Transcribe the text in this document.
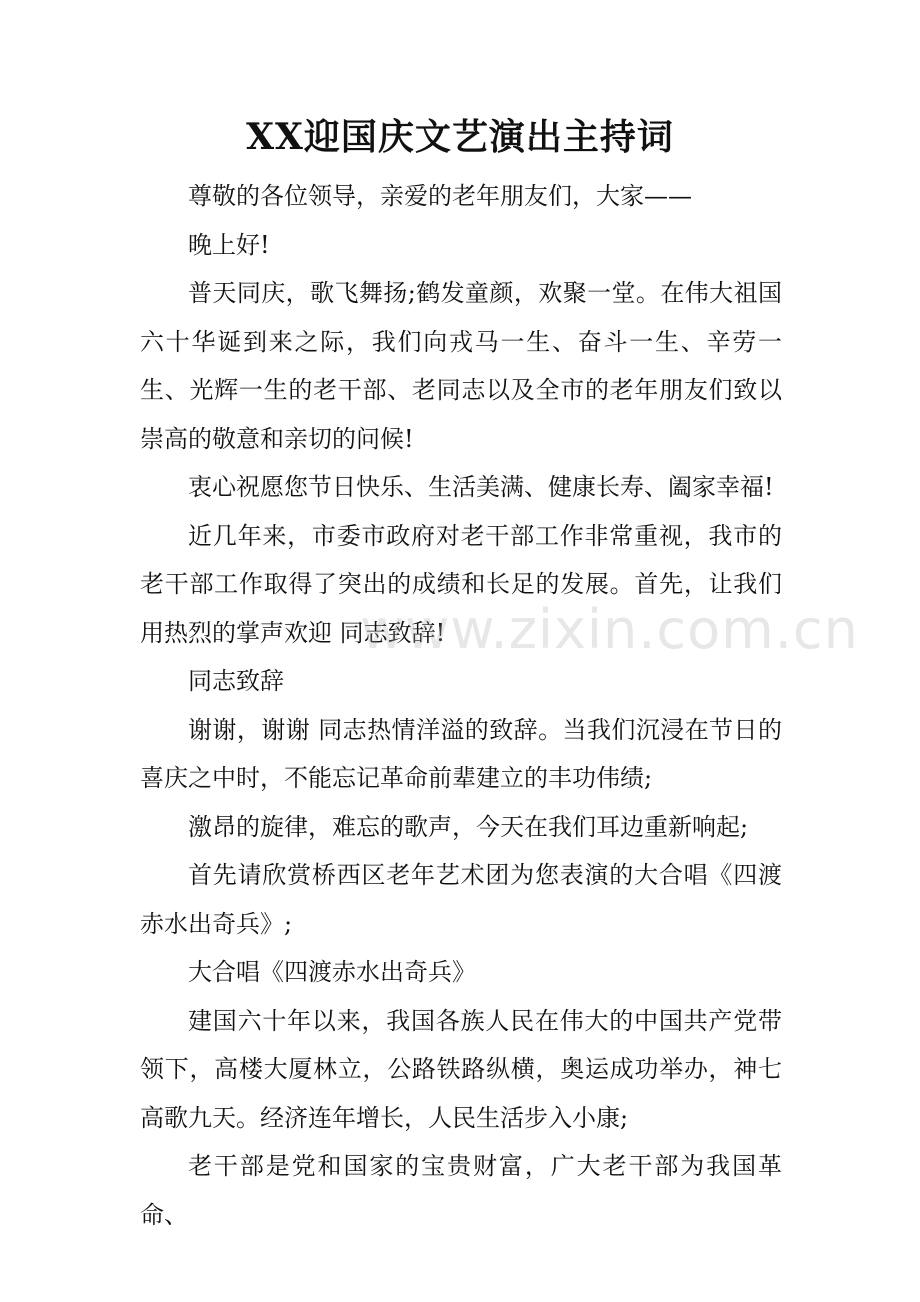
XX迎国庆文艺演出主持词

尊敬的各位领导，亲爱的老年朋友们，大家——

晚上好!

普天同庆，歌飞舞扬;鹤发童颜，欢聚一堂。在伟大祖国六十华诞到来之际，我们向戎马一生、奋斗一生、辛劳一生、光辉一生的老干部、老同志以及全市的老年朋友们致以崇高的敬意和亲切的问候!

衷心祝愿您节日快乐、生活美满、健康长寿、阖家幸福!

近几年来，市委市政府对老干部工作非常重视，我市的老干部工作取得了突出的成绩和长足的发展。首先，让我们用热烈的掌声欢迎 同志致辞!

同志致辞

谢谢，谢谢 同志热情洋溢的致辞。当我们沉浸在节日的喜庆之中时，不能忘记革命前辈建立的丰功伟绩;

激昂的旋律，难忘的歌声，今天在我们耳边重新响起;

首先请欣赏桥西区老年艺术团为您表演的大合唱《四渡赤水出奇兵》;

大合唱《四渡赤水出奇兵》

建国六十年以来，我国各族人民在伟大的中国共产党带领下，高楼大厦林立，公路铁路纵横，奥运成功举办，神七高歌九天。经济连年增长，人民生活步入小康;

老干部是党和国家的宝贵财富，广大老干部为我国革命、

www.zixin.com.cn
